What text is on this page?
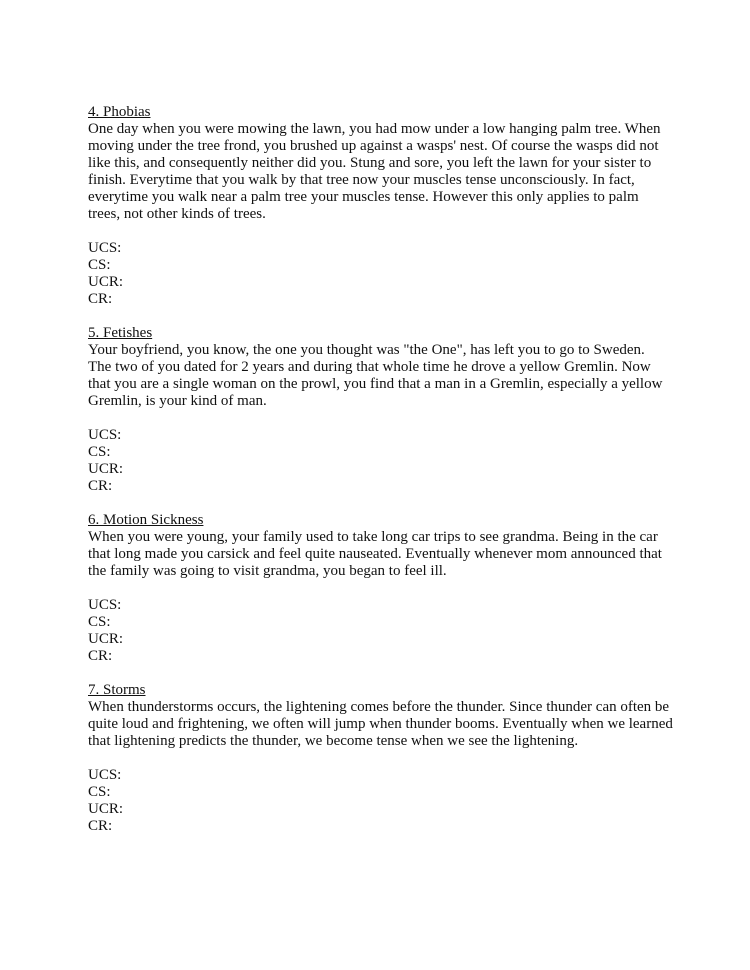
4. Phobias

One day when you were mowing the lawn, you had mow under a low hanging palm tree. When
moving under the tree frond, you brushed up against a wasps' nest. Of course the wasps did not
like this, and consequently neither did you. Stung and sore, you left the lawn for your sister to
finish. Everytime that you walk by that tree now your muscles tense unconsciously. In fact,
everytime you walk near a palm tree your muscles tense. However this only applies to palm
trees, not other kinds of trees.

UCS:
CS:
UCR:
CR:

5. Fetishes

Your boyfriend, you know, the one you thought was "the One", has left you to go to Sweden.
The two of you dated for 2 years and during that whole time he drove a yellow Gremlin. Now
that you are a single woman on the prowl, you find that a man in a Gremlin, especially a yellow
Gremlin, is your kind of man.

UCS:
CS:
UCR:
CR:

6. Motion Sickness

When you were young, your family used to take long car trips to see grandma. Being in the car
that long made you carsick and feel quite nauseated. Eventually whenever mom announced that
the family was going to visit grandma, you began to feel ill.

UCS:
CS:
UCR:
CR:

7. Storms

When thunderstorms occurs, the lightening comes before the thunder. Since thunder can often be
quite loud and frightening, we often will jump when thunder booms. Eventually when we learned
that lightening predicts the thunder, we become tense when we see the lightening.

UCS:
CS:
UCR:
CR:
